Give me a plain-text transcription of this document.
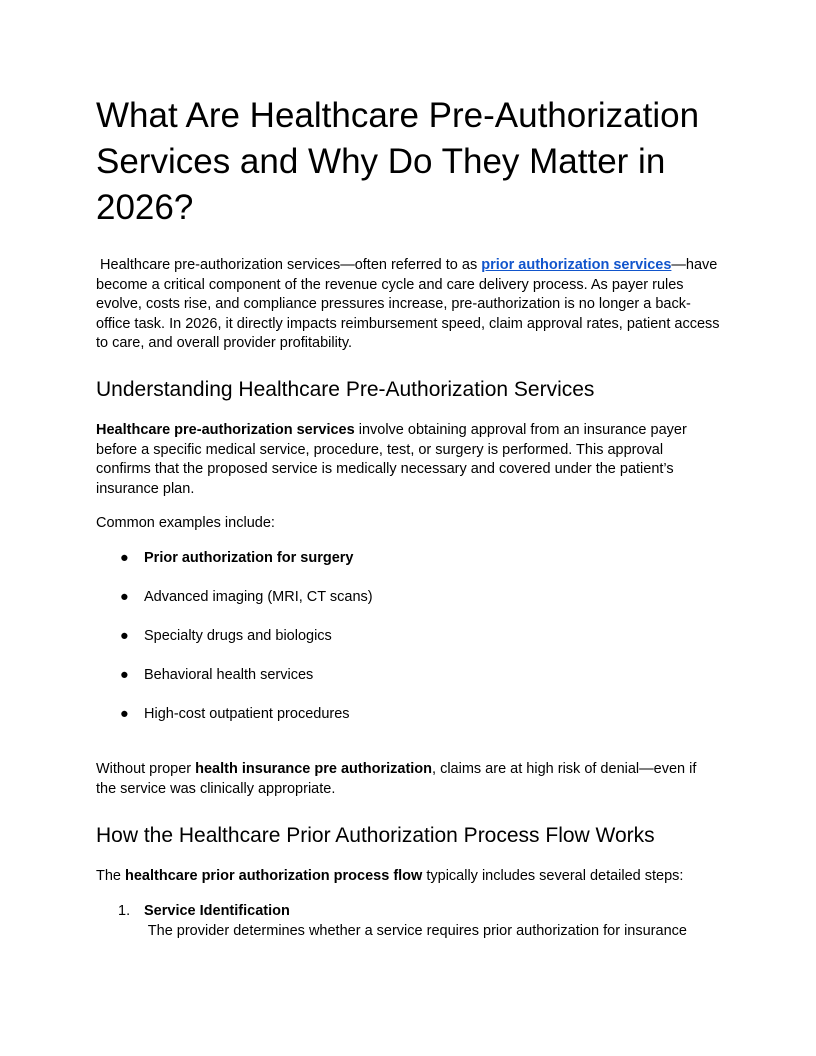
What Are Healthcare Pre-Authorization
Services and Why Do They Matter in
2026?

Healthcare pre-authorization services—often referred to as prior authorization services—have become a critical component of the revenue cycle and care delivery process. As payer rules evolve, costs rise, and compliance pressures increase, pre-authorization is no longer a back-office task. In 2026, it directly impacts reimbursement speed, claim approval rates, patient access to care, and overall provider profitability.

Understanding Healthcare Pre-Authorization Services

Healthcare pre-authorization services involve obtaining approval from an insurance payer before a specific medical service, procedure, test, or surgery is performed. This approval confirms that the proposed service is medically necessary and covered under the patient’s insurance plan.

Common examples include:

● Prior authorization for surgery
● Advanced imaging (MRI, CT scans)
● Specialty drugs and biologics
● Behavioral health services
● High-cost outpatient procedures

Without proper health insurance pre authorization, claims are at high risk of denial—even if the service was clinically appropriate.

How the Healthcare Prior Authorization Process Flow Works

The healthcare prior authorization process flow typically includes several detailed steps:

1. Service Identification
The provider determines whether a service requires prior authorization for insurance
